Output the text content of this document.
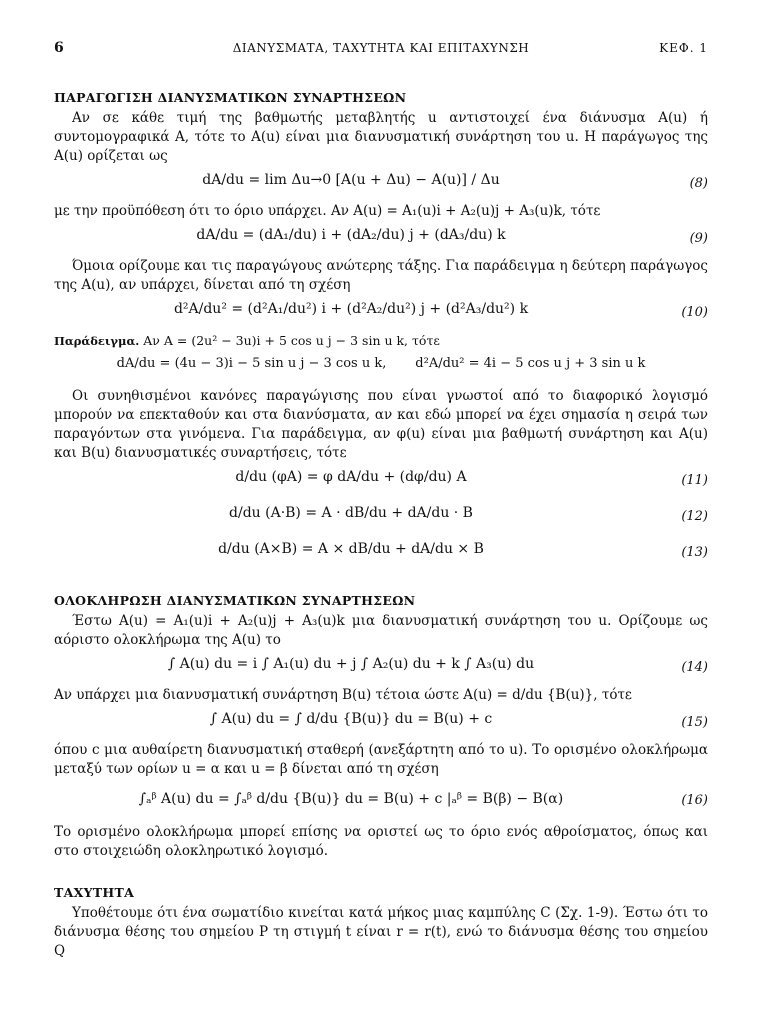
6	ΔΙΑΝΥΣΜΑΤΑ, ΤΑΧΥΤΗΤΑ ΚΑΙ ΕΠΙΤΑΧΥΝΣΗ	ΚΕΦ. 1
ΠΑΡΑΓΩΓΙΣΗ ΔΙΑΝΥΣΜΑΤΙΚΩΝ ΣΥΝΑΡΤΗΣΕΩΝ

Αν σε κάθε τιμή της βαθμωτής μεταβλητής u αντιστοιχεί ένα διάνυσμα A(u) ή συντομογραφικά A, τότε το A(u) είναι μια διανυσματική συνάρτηση του u. Η παράγωγος της A(u) ορίζεται ως

dA/du = lim Δu→0 [A(u + Δu) − A(u)] / Δu	(8)

με την προϋπόθεση ότι το όριο υπάρχει. Αν A(u) = A₁(u)i + A₂(u)j + A₃(u)k, τότε

dA/du = (dA₁/du) i + (dA₂/du) j + (dA₃/du) k	(9)

Όμοια ορίζουμε και τις παραγώγους ανώτερης τάξης. Για παράδειγμα η δεύτερη παράγωγος της A(u), αν υπάρχει, δίνεται από τη σχέση

d²A/du² = (d²A₁/du²) i + (d²A₂/du²) j + (d²A₃/du²) k	(10)

Παράδειγμα. Αν A = (2u² − 3u)i + 5 cos u j − 3 sin u k, τότε

dA/du = (4u − 3)i − 5 sin u j − 3 cos u k, d²A/du² = 4i − 5 cos u j + 3 sin u k

Οι συνηθισμένοι κανόνες παραγώγισης που είναι γνωστοί από το διαφορικό λογισμό μπορούν να επεκταθούν και στα διανύσματα, αν και εδώ μπορεί να έχει σημασία η σειρά των παραγόντων στα γινόμενα. Για παράδειγμα, αν φ(u) είναι μια βαθμωτή συνάρτηση και A(u) και B(u) διανυσματικές συναρτήσεις, τότε

d/du (φA) = φ dA/du + (dφ/du) A	(11)
d/du (A·B) = A · dB/du + dA/du · B	(12)
d/du (A×B) = A × dB/du + dA/du × B	(13)
ΟΛΟΚΛΗΡΩΣΗ ΔΙΑΝΥΣΜΑΤΙΚΩΝ ΣΥΝΑΡΤΗΣΕΩΝ

Έστω A(u) = A₁(u)i + A₂(u)j + A₃(u)k μια διανυσματική συνάρτηση του u. Ορίζουμε ως αόριστο ολοκλήρωμα της A(u) το

∫ A(u) du = i ∫ A₁(u) du + j ∫ A₂(u) du + k ∫ A₃(u) du	(14)

Αν υπάρχει μια διανυσματική συνάρτηση B(u) τέτοια ώστε A(u) = d/du {B(u)}, τότε

∫ A(u) du = ∫ d/du {B(u)} du = B(u) + c	(15)

όπου c μια αυθαίρετη διανυσματική σταθερή (ανεξάρτητη από το u). Το ορισμένο ολοκλήρωμα μεταξύ των ορίων u = α και u = β δίνεται από τη σχέση

∫ₐᵝ A(u) du = ∫ₐᵝ d/du {B(u)} du = B(u) + c |ₐᵝ = B(β) − B(α)	(16)

Το ορισμένο ολοκλήρωμα μπορεί επίσης να οριστεί ως το όριο ενός αθροίσματος, όπως και στο στοιχειώδη ολοκληρωτικό λογισμό.

ΤΑΧΥΤΗΤΑ

Υποθέτουμε ότι ένα σωματίδιο κινείται κατά μήκος μιας καμπύλης C (Σχ. 1-9). Έστω ότι το διάνυσμα θέσης του σημείου P τη στιγμή t είναι r = r(t), ενώ το διάνυσμα θέσης του σημείου Q
